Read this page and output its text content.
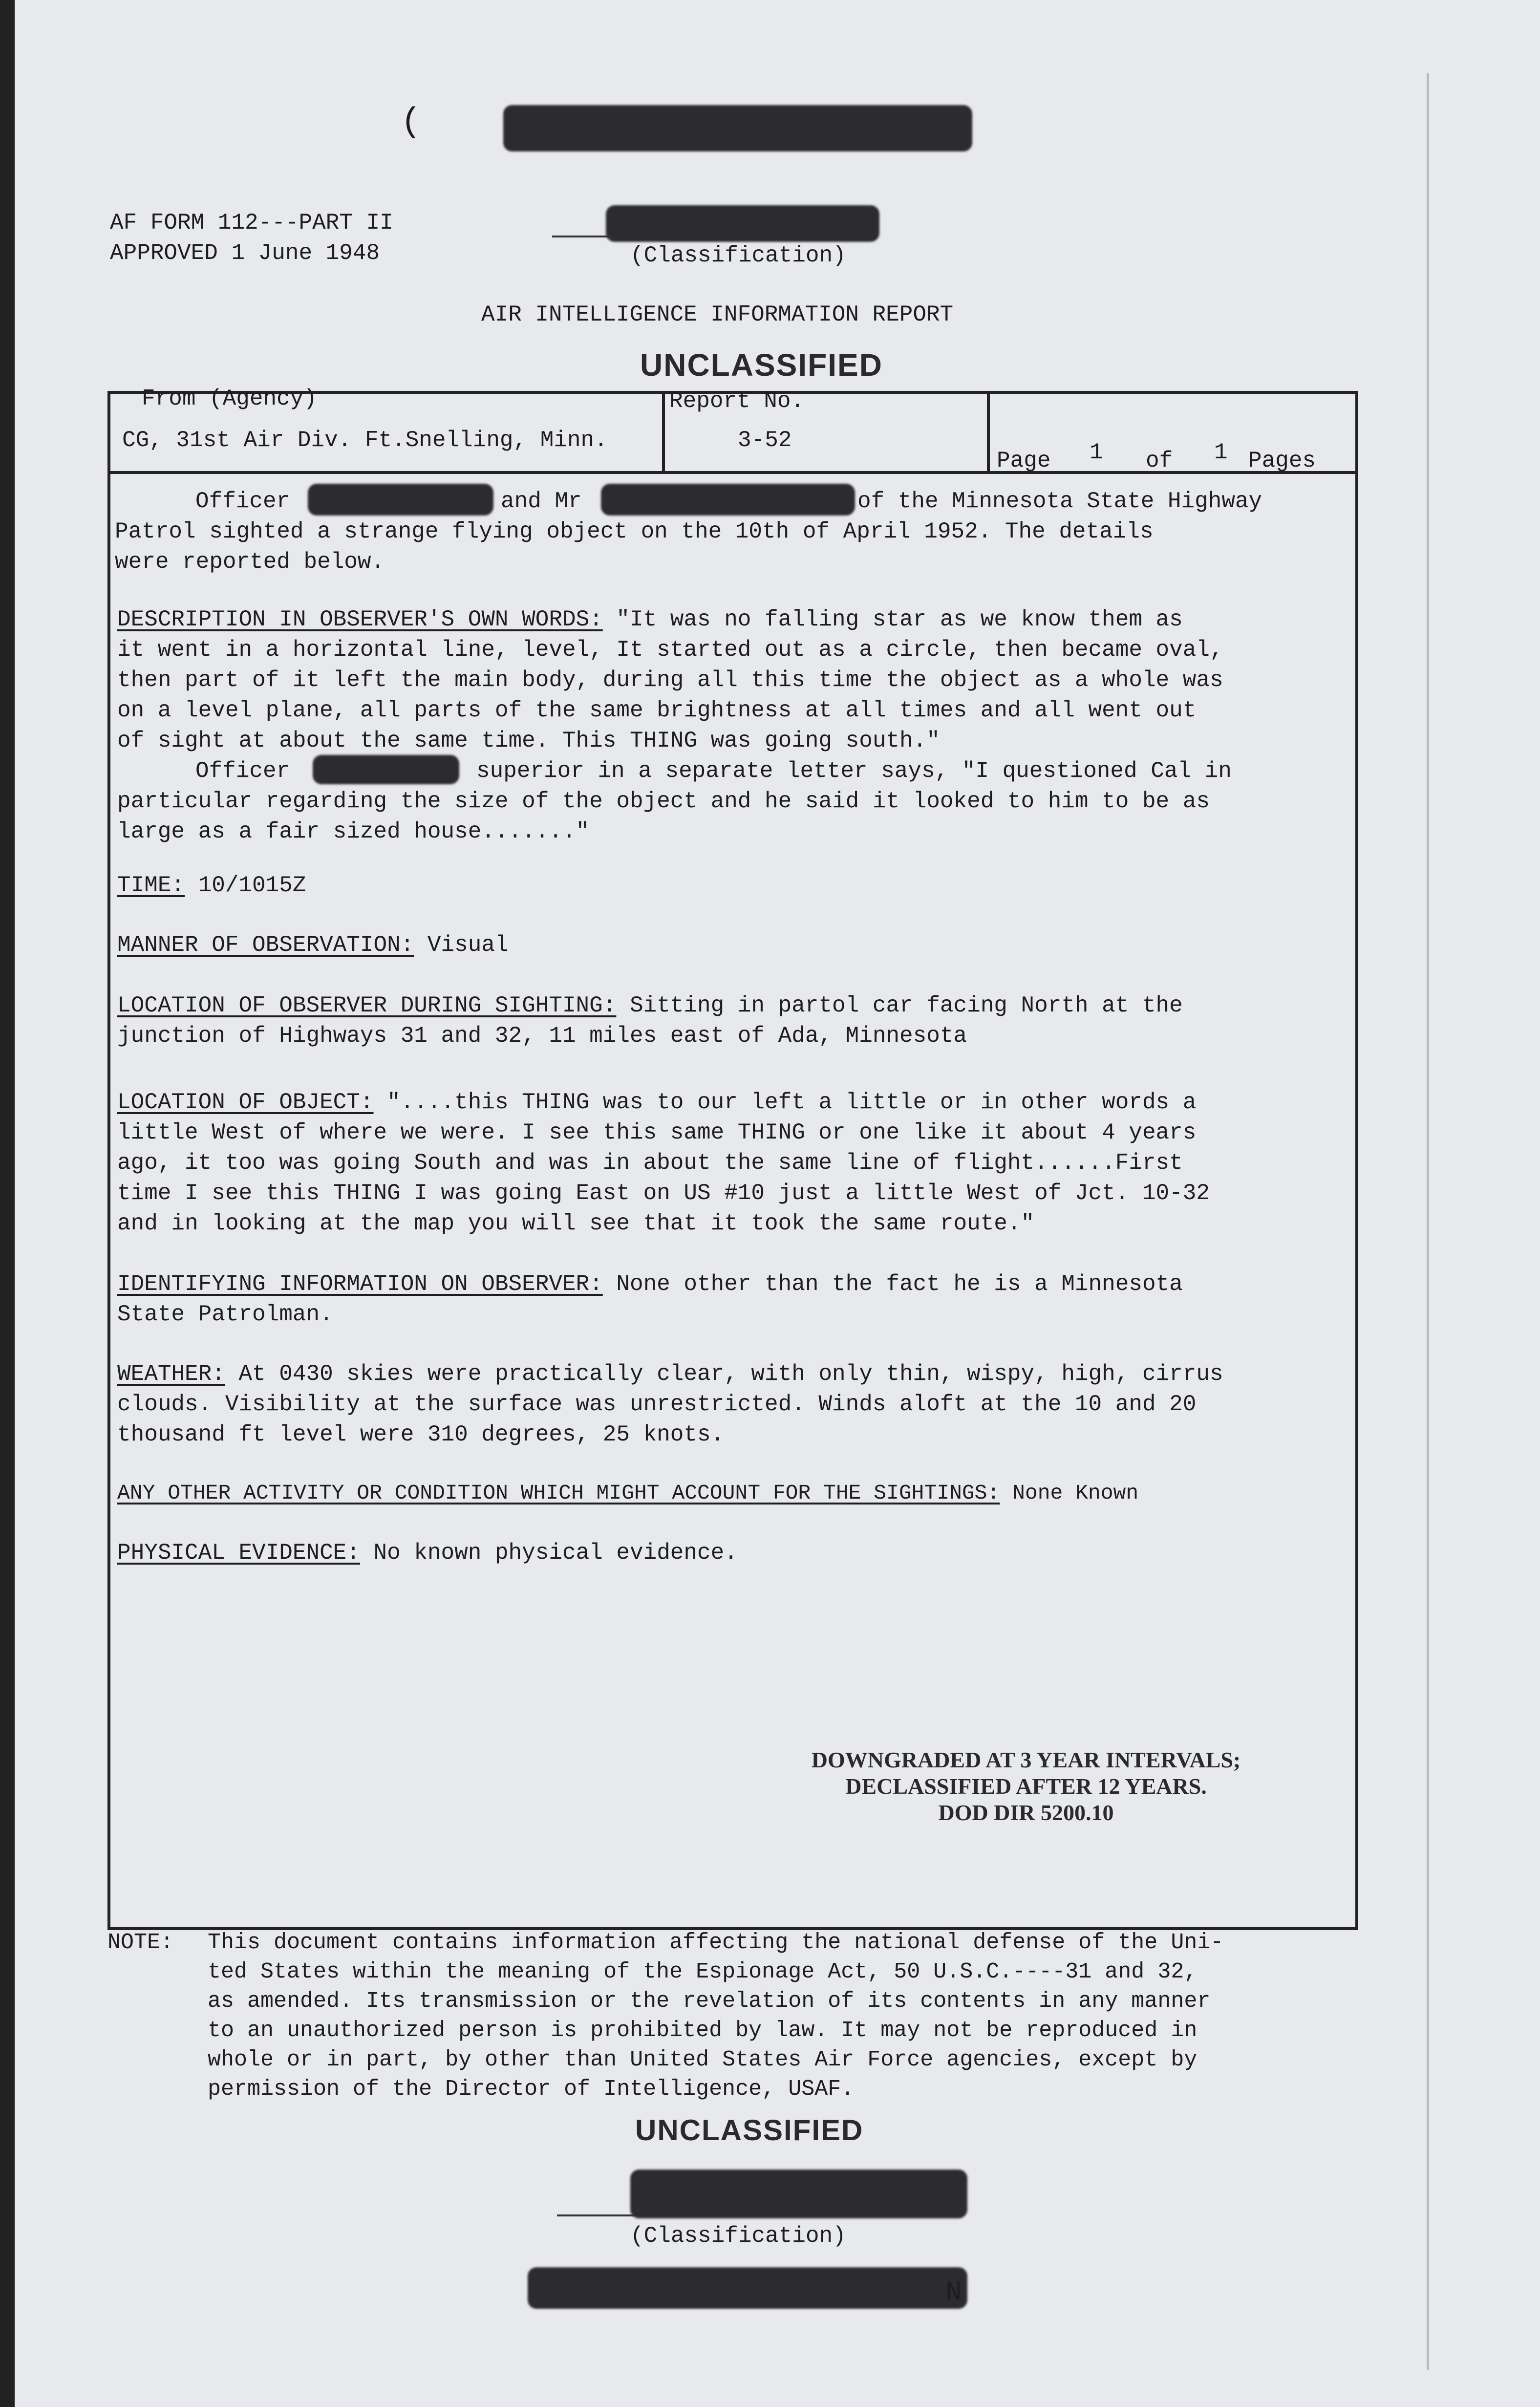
(
AF FORM 112---PART II
APPROVED 1 June 1948	(Classification)
AIR INTELLIGENCE INFORMATION REPORT
UNCLASSIFIED
From (Agency)
CG, 31st Air Div. Ft.Snelling, Minn.
Report No.
3-52
Page 1 of 1 Pages
Officer	and Mr	of the Minnesota State Highway
Patrol sighted a strange flying object on the 10th of April 1952. The details
were reported below.
DESCRIPTION IN OBSERVER'S OWN WORDS: "It was no falling star as we know them as
it went in a horizontal line, level, It started out as a circle, then became oval,
then part of it left the main body, during all this time the object as a whole was
on a level plane, all parts of the same brightness at all times and all went out
of sight at about the same time. This THING was going south."
Officer	superior in a separate letter says, "I questioned Cal in
particular regarding the size of the object and he said it looked to him to be as
large as a fair sized house......."
TIME: 10/1015Z
MANNER OF OBSERVATION: Visual
LOCATION OF OBSERVER DURING SIGHTING: Sitting in partol car facing North at the
junction of Highways 31 and 32, 11 miles east of Ada, Minnesota
LOCATION OF OBJECT: "....this THING was to our left a little or in other words a
little West of where we were. I see this same THING or one like it about 4 years
ago, it too was going South and was in about the same line of flight......First
time I see this THING I was going East on US #10 just a little West of Jct. 10-32
and in looking at the map you will see that it took the same route."
IDENTIFYING INFORMATION ON OBSERVER: None other than the fact he is a Minnesota
State Patrolman.
WEATHER: At 0430 skies were practically clear, with only thin, wispy, high, cirrus
clouds. Visibility at the surface was unrestricted. Winds aloft at the 10 and 20
thousand ft level were 310 degrees, 25 knots.
ANY OTHER ACTIVITY OR CONDITION WHICH MIGHT ACCOUNT FOR THE SIGHTINGS: None Known
PHYSICAL EVIDENCE: No known physical evidence.
DOWNGRADED AT 3 YEAR INTERVALS;
DECLASSIFIED AFTER 12 YEARS.
DOD DIR 5200.10
NOTE: This document contains information affecting the national defense of the Uni-
ted States within the meaning of the Espionage Act, 50 U.S.C.----31 and 32,
as amended. Its transmission or the revelation of its contents in any manner
to an unauthorized person is prohibited by law. It may not be reproduced in
whole or in part, by other than United States Air Force agencies, except by
permission of the Director of Intelligence, USAF.
UNCLASSIFIED
(Classification)
N
